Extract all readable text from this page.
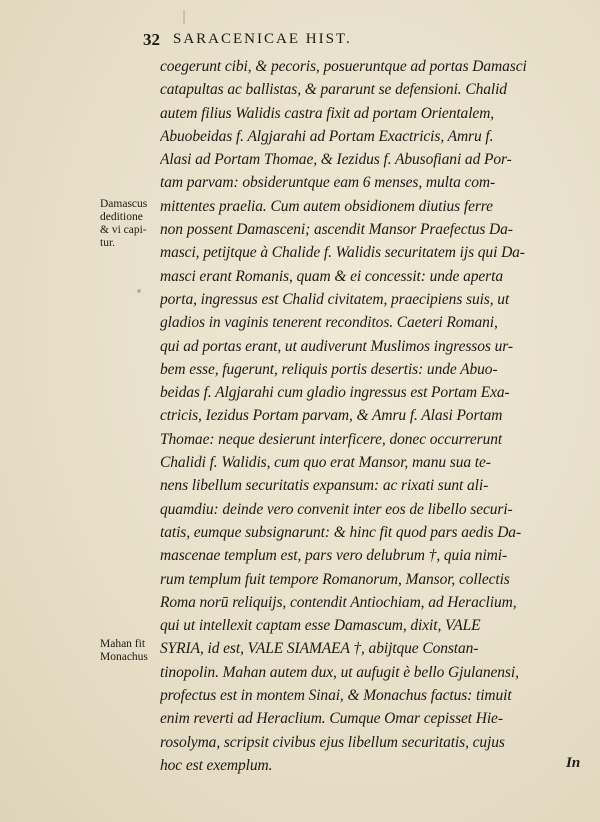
32 SARACENICAE HIST.
Damascus
deditione
& vi capi-
tur.
Mahan fit
Monachus
coegerunt cibi, & pecoris, posueruntque ad portas Damasci
catapultas ac ballistas, & pararunt se defensioni. Chalid
autem filius Walidis castra fixit ad portam Orientalem,
Abuobeidas f. Algjarahi ad Portam Exactricis, Amru f.
Alasi ad Portam Thomae, & Iezidus f. Abusofiani ad Por-
tam parvam: obsideruntque eam 6 menses, multa com-
mittentes praelia. Cum autem obsidionem diutius ferre
non possent Damasceni; ascendit Mansor Praefectus Da-
masci, petijtque à Chalide f. Walidis securitatem ijs qui Da-
masci erant Romanis, quam & ei concessit: unde aperta
porta, ingressus est Chalid civitatem, praecipiens suis, ut
gladios in vaginis tenerent reconditos. Caeteri Romani,
qui ad portas erant, ut audiverunt Muslimos ingressos ur-
bem esse, fugerunt, reliquis portis desertis: unde Abuo-
beidas f. Algjarahi cum gladio ingressus est Portam Exa-
ctricis, Iezidus Portam parvam, & Amru f. Alasi Portam
Thomae: neque desierunt interficere, donec occurrerunt
Chalidi f. Walidis, cum quo erat Mansor, manu sua te-
nens libellum securitatis expansum: ac rixati sunt ali-
quamdiu: deinde vero convenit inter eos de libello securi-
tatis, eumque subsignarunt: & hinc fit quod pars aedis Da-
mascenae templum est, pars vero delubrum †, quia nimi-
rum templum fuit tempore Romanorum, Mansor, collectis
Roma norū reliquijs, contendit Antiochiam, ad Heraclium,
qui ut intellexit captam esse Damascum, dixit, VALE
SYRIA, id est, VALE SIAMAEA †, abijtque Constan-
tinopolin. Mahan autem dux, ut aufugit è bello Gjulanensi,
profectus est in montem Sinai, & Monachus factus: timuit
enim reverti ad Heraclium. Cumque Omar cepisset Hie-
rosolyma, scripsit civibus ejus libellum securitatis, cujus
hoc est exemplum.	In
